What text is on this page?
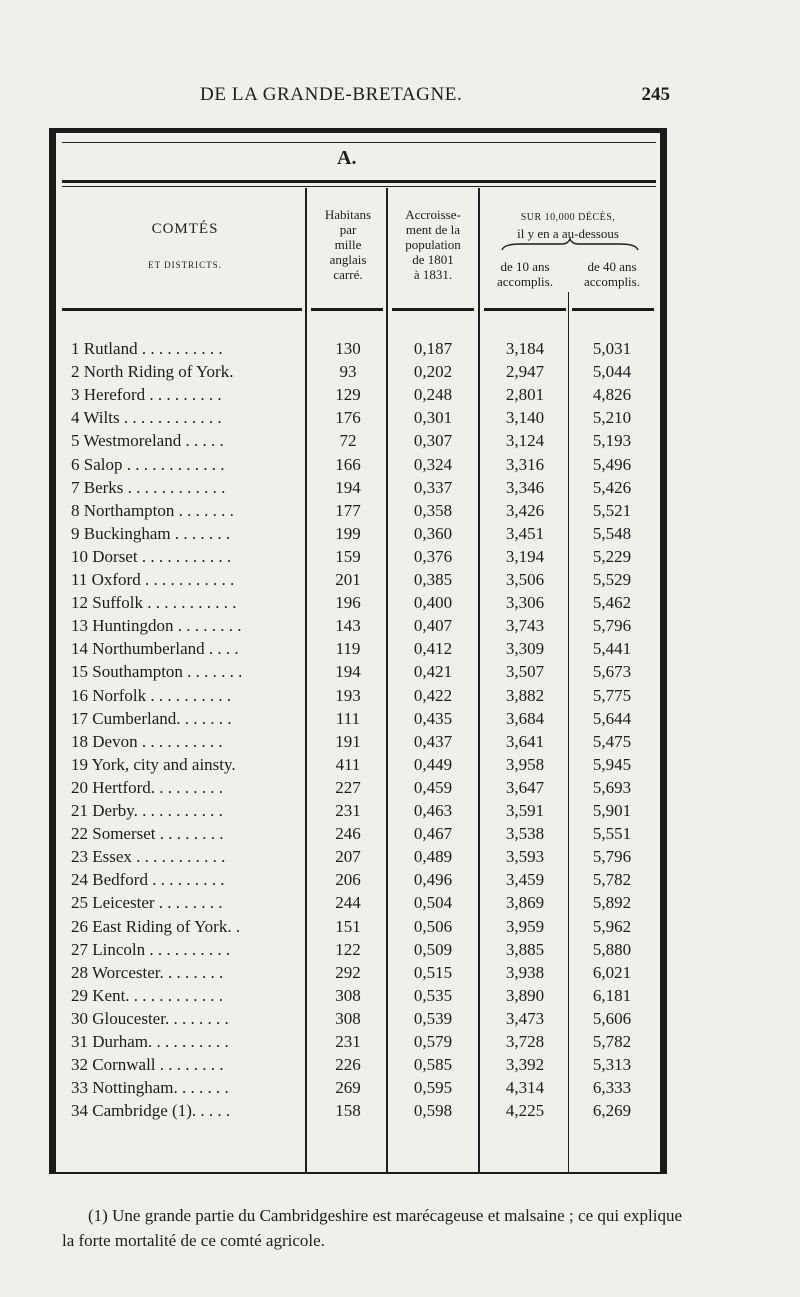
DE LA GRANDE-BRETAGNE.	245
A.
COMTÉS
ET DISTRICTS.
Habitans
par
mille
anglais
carré.
Accroisse-
ment de la
population
de 1801
à 1831.
SUR 10,000 DÉCÈS,
il y en a au-dessous
de 10 ans
accomplis.
de 40 ans
accomplis.
1 Rutland . . . . . . . . . .	130	0,187	3,184	5,031
2 North Riding of York.	93	0,202	2,947	5,044
3 Hereford . . . . . . . . .	129	0,248	2,801	4,826
4 Wilts . . . . . . . . . . . .	176	0,301	3,140	5,210
5 Westmoreland . . . . .	72	0,307	3,124	5,193
6 Salop . . . . . . . . . . . .	166	0,324	3,316	5,496
7 Berks . . . . . . . . . . . .	194	0,337	3,346	5,426
8 Northampton . . . . . . .	177	0,358	3,426	5,521
9 Buckingham . . . . . . .	199	0,360	3,451	5,548
10 Dorset . . . . . . . . . . .	159	0,376	3,194	5,229
11 Oxford . . . . . . . . . . .	201	0,385	3,506	5,529
12 Suffolk . . . . . . . . . . .	196	0,400	3,306	5,462
13 Huntingdon . . . . . . . .	143	0,407	3,743	5,796
14 Northumberland . . . .	119	0,412	3,309	5,441
15 Southampton . . . . . . .	194	0,421	3,507	5,673
16 Norfolk . . . . . . . . . .	193	0,422	3,882	5,775
17 Cumberland. . . . . . .	111	0,435	3,684	5,644
18 Devon . . . . . . . . . .	191	0,437	3,641	5,475
19 York, city and ainsty.	411	0,449	3,958	5,945
20 Hertford. . . . . . . . .	227	0,459	3,647	5,693
21 Derby. . . . . . . . . . .	231	0,463	3,591	5,901
22 Somerset . . . . . . . .	246	0,467	3,538	5,551
23 Essex . . . . . . . . . . .	207	0,489	3,593	5,796
24 Bedford . . . . . . . . .	206	0,496	3,459	5,782
25 Leicester . . . . . . . .	244	0,504	3,869	5,892
26 East Riding of York. .	151	0,506	3,959	5,962
27 Lincoln . . . . . . . . . .	122	0,509	3,885	5,880
28 Worcester. . . . . . . .	292	0,515	3,938	6,021
29 Kent. . . . . . . . . . . .	308	0,535	3,890	6,181
30 Gloucester. . . . . . . .	308	0,539	3,473	5,606
31 Durham. . . . . . . . . .	231	0,579	3,728	5,782
32 Cornwall . . . . . . . .	226	0,585	3,392	5,313
33 Nottingham. . . . . . .	269	0,595	4,314	6,333
34 Cambridge (1). . . . .	158	0,598	4,225	6,269
(1) Une grande partie du Cambridgeshire est marécageuse et malsaine ; ce qui explique la forte mortalité de ce comté agricole.
